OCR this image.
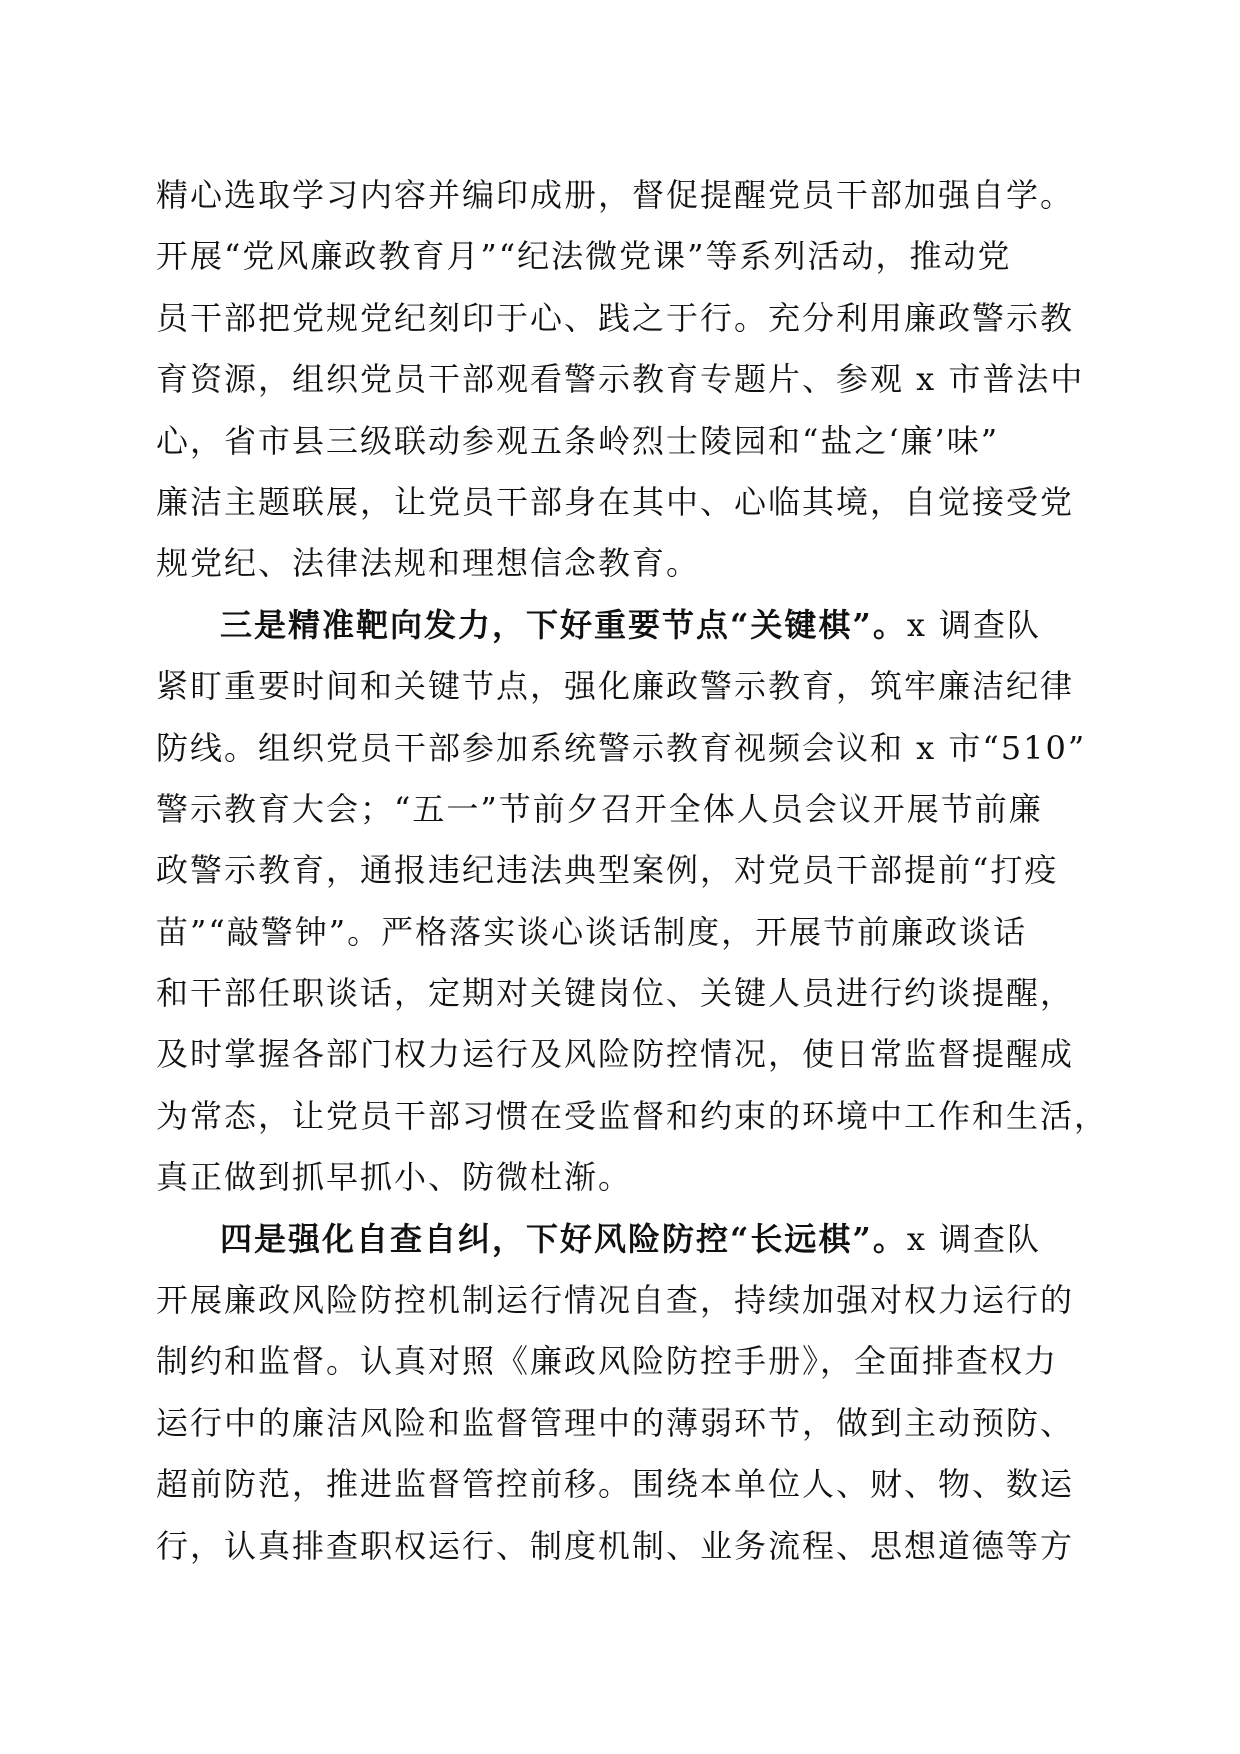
精心选取学习内容并编印成册，督促提醒党员干部加强自学。
开展“党风廉政教育月”“纪法微党课”等系列活动，推动党
员干部把党规党纪刻印于心、践之于行。充分利用廉政警示教
育资源，组织党员干部观看警示教育专题片、参观 x 市普法中
心，省市县三级联动参观五条岭烈士陵园和“盐之‘廉’味”
廉洁主题联展，让党员干部身在其中、心临其境，自觉接受党
规党纪、法律法规和理想信念教育。
三是精准靶向发力，下好重要节点“关键棋”。x 调查队
紧盯重要时间和关键节点，强化廉政警示教育，筑牢廉洁纪律
防线。组织党员干部参加系统警示教育视频会议和 x 市“510”
警示教育大会；“五一”节前夕召开全体人员会议开展节前廉
政警示教育，通报违纪违法典型案例，对党员干部提前“打疫
苗”“敲警钟”。严格落实谈心谈话制度，开展节前廉政谈话
和干部任职谈话，定期对关键岗位、关键人员进行约谈提醒，
及时掌握各部门权力运行及风险防控情况，使日常监督提醒成
为常态，让党员干部习惯在受监督和约束的环境中工作和生活，
真正做到抓早抓小、防微杜渐。
四是强化自查自纠，下好风险防控“长远棋”。x 调查队
开展廉政风险防控机制运行情况自查，持续加强对权力运行的
制约和监督。认真对照《廉政风险防控手册》，全面排查权力
运行中的廉洁风险和监督管理中的薄弱环节，做到主动预防、
超前防范，推进监督管控前移。围绕本单位人、财、物、数运
行，认真排查职权运行、制度机制、业务流程、思想道德等方
